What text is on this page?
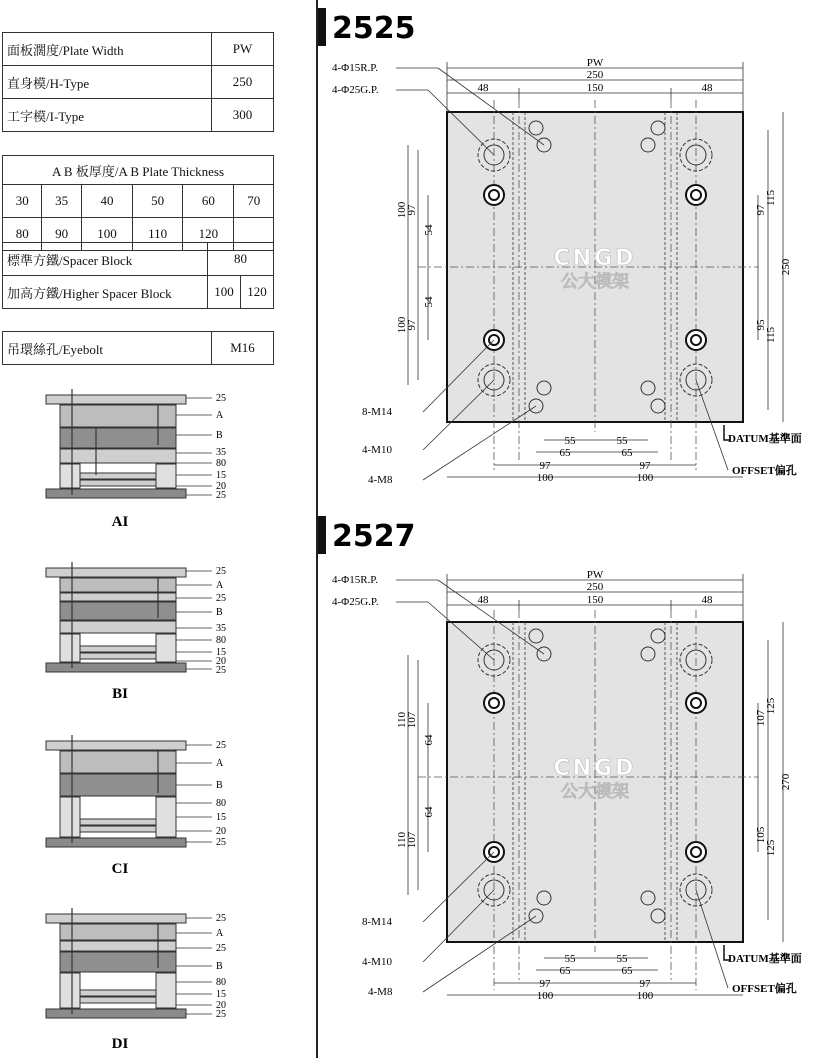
面板濶度/Plate Width	PW
直身模/H-Type	250
工字模/I-Type	300
A B 板厚度/A B Plate Thickness					
30	35	40	50	60	70
80	90	100	110	120	
標準方鐵/Spacer Block	80	
加高方鐵/Higher Spacer Block	100	120
吊環絲孔/Eyebolt	M16
25
A
B
35
80
15
20
25
AI
25
A
25
B
35
80
15
20
25
BI
25
A
B
80
15
20
25
CI
25
A
25
B
80
15
20
25
DI
2525
CNGD
公大模架
PW
250
48	150	48
4-Φ15R.P.
4-Φ25G.P.
8-M14
4-M10
4-M8
100
97
54
54
100
97
97
115
95
115
250
55	55
65	65
97	97
100	100
DATUM基準面
OFFSET偏孔
2527
CNGD
公大模架
PW
250
48	150	48
4-Φ15R.P.
4-Φ25G.P.
8-M14
4-M10
4-M8
110
107
64
64
110
107
107
125
105
125
270
55	55
65	65
97	97
100	100
DATUM基準面
OFFSET偏孔
